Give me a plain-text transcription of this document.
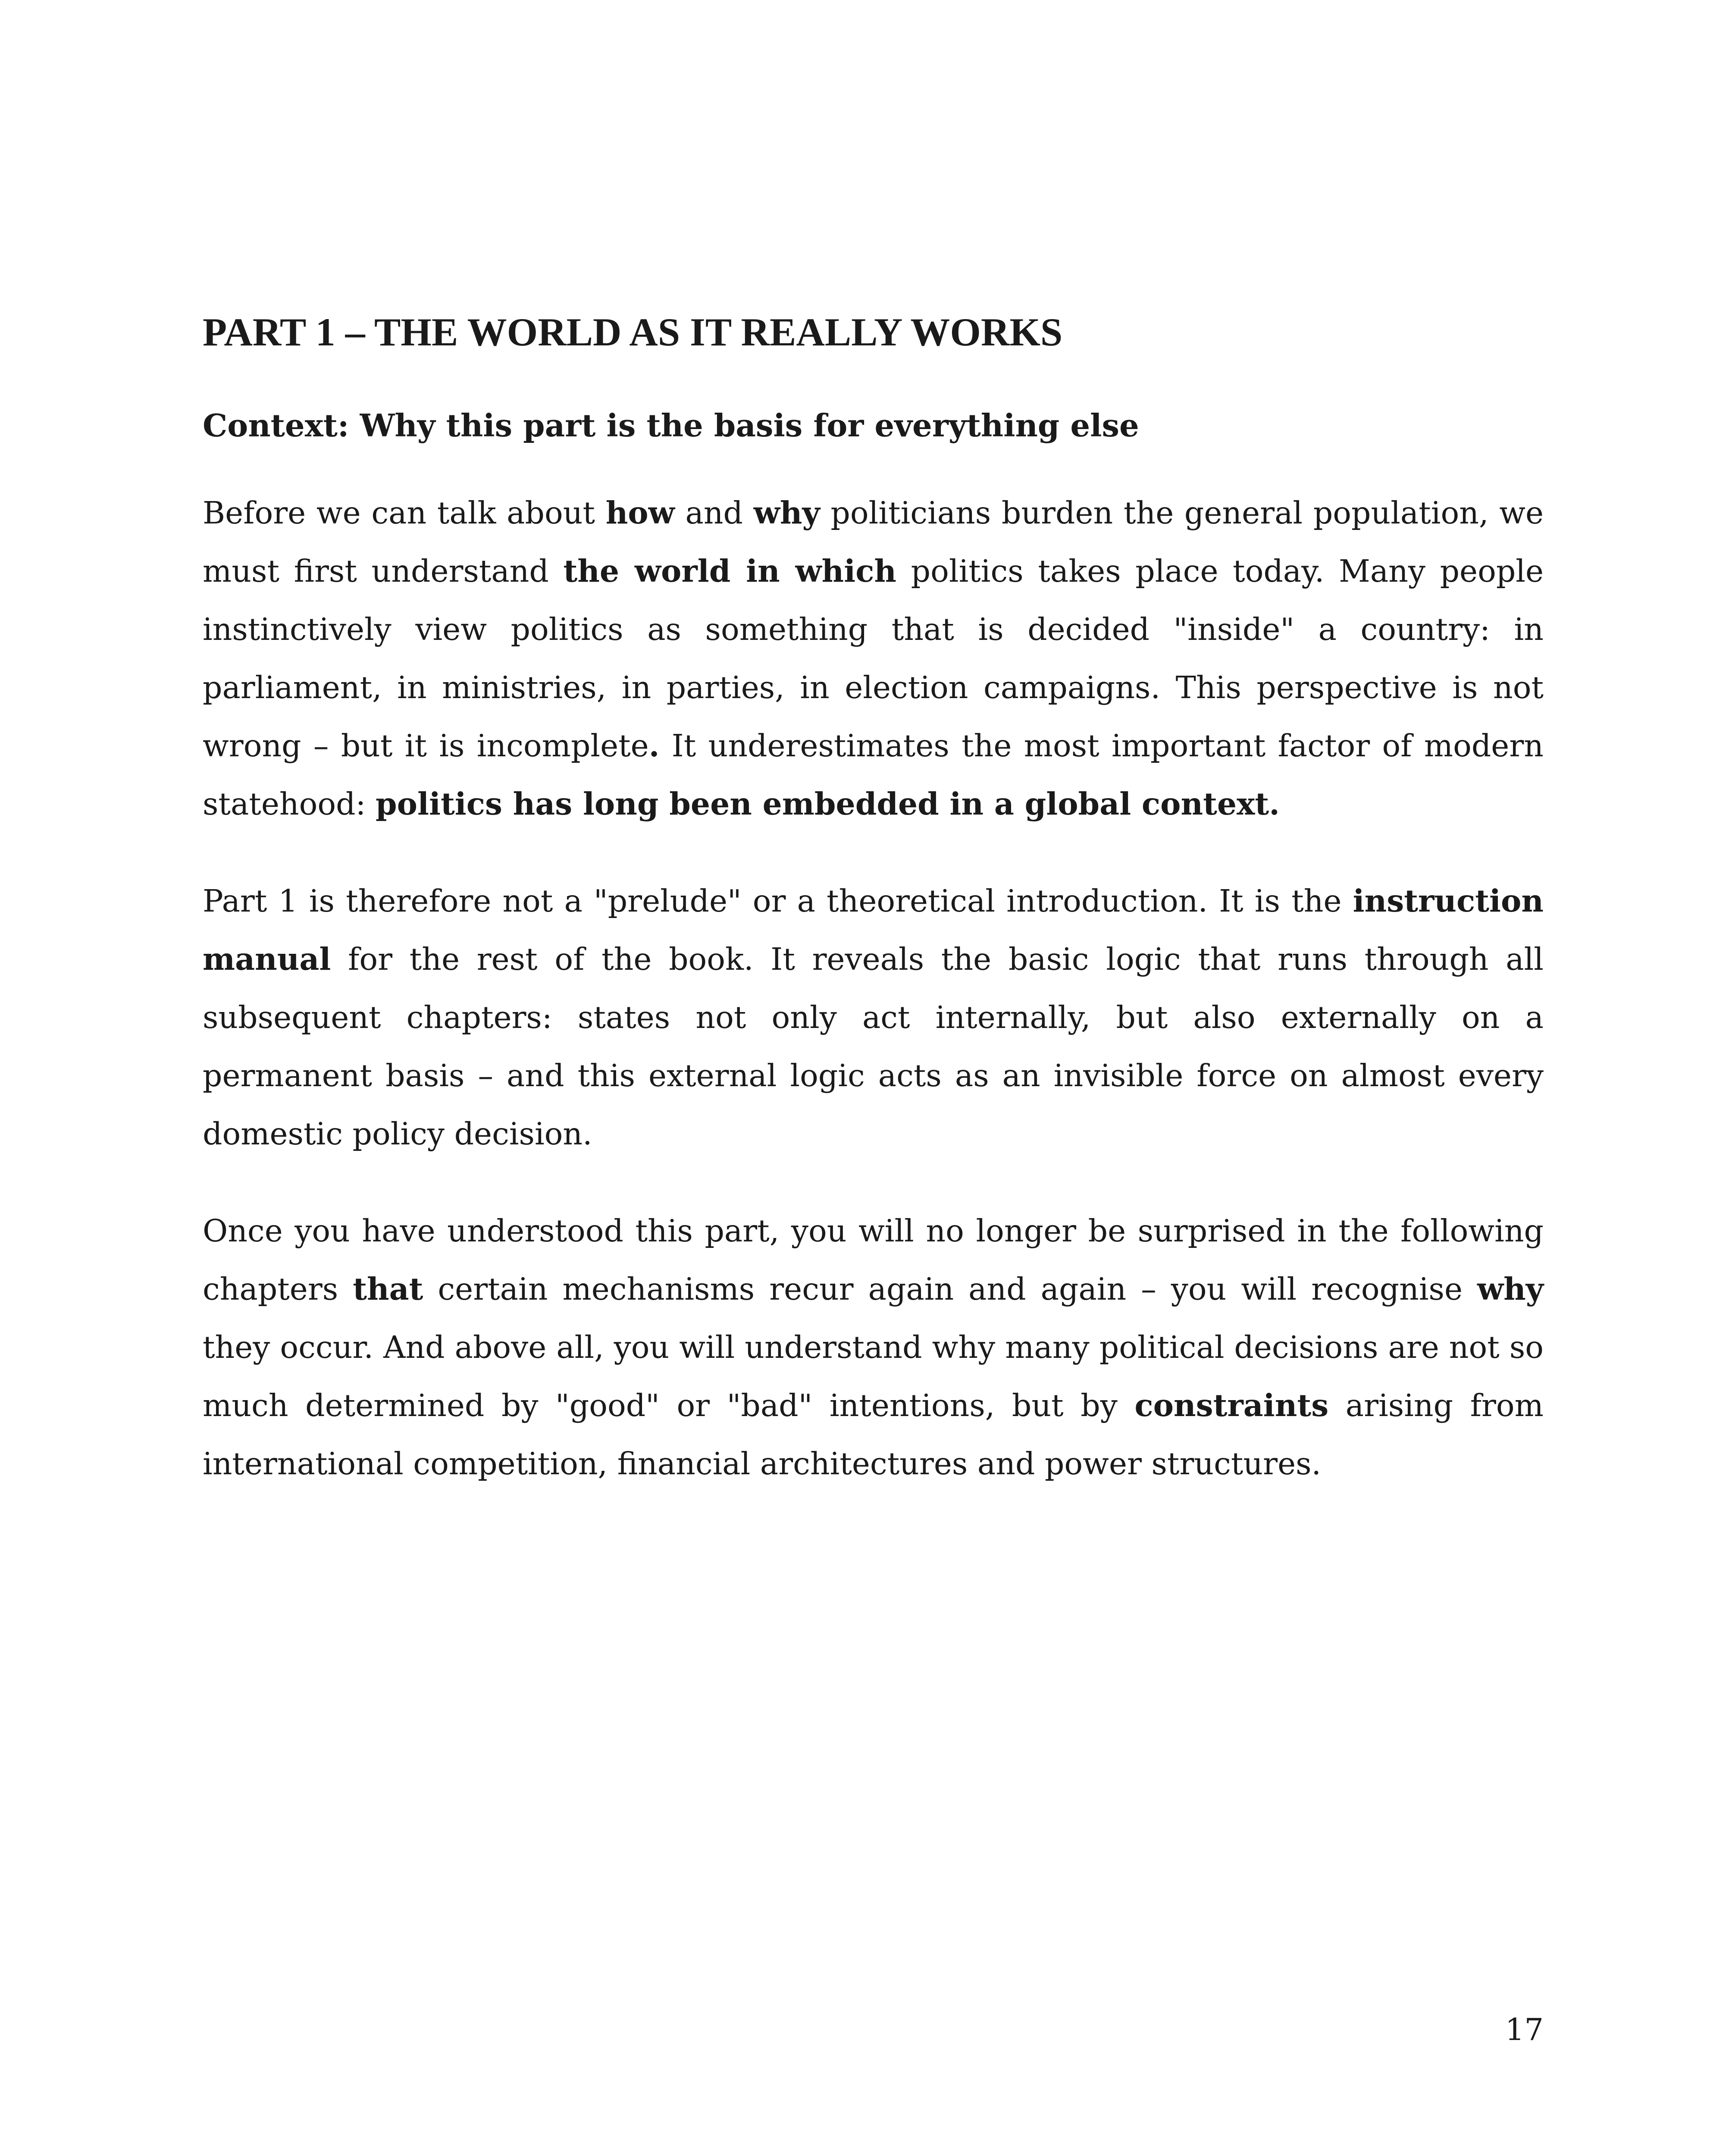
PART 1 – THE WORLD AS IT REALLY WORKS
Context: Why this part is the basis for everything else

Before we can talk about how and why politicians burden the general population, we must first understand the world in which politics takes place today. Many people instinctively view politics as something that is decided "inside" a country: in parliament, in ministries, in parties, in election campaigns. This perspective is not wrong – but it is incomplete. It underestimates the most important factor of modern statehood: politics has long been embedded in a global context.

Part 1 is therefore not a "prelude" or a theoretical introduction. It is the instruction manual for the rest of the book. It reveals the basic logic that runs through all subsequent chapters: states not only act internally, but also externally on a permanent basis – and this external logic acts as an invisible force on almost every domestic policy decision.

Once you have understood this part, you will no longer be surprised in the following chapters that certain mechanisms recur again and again – you will recognise why they occur. And above all, you will understand why many political decisions are not so much determined by "good" or "bad" intentions, but by constraints arising from international competition, financial architectures and power structures.

17
